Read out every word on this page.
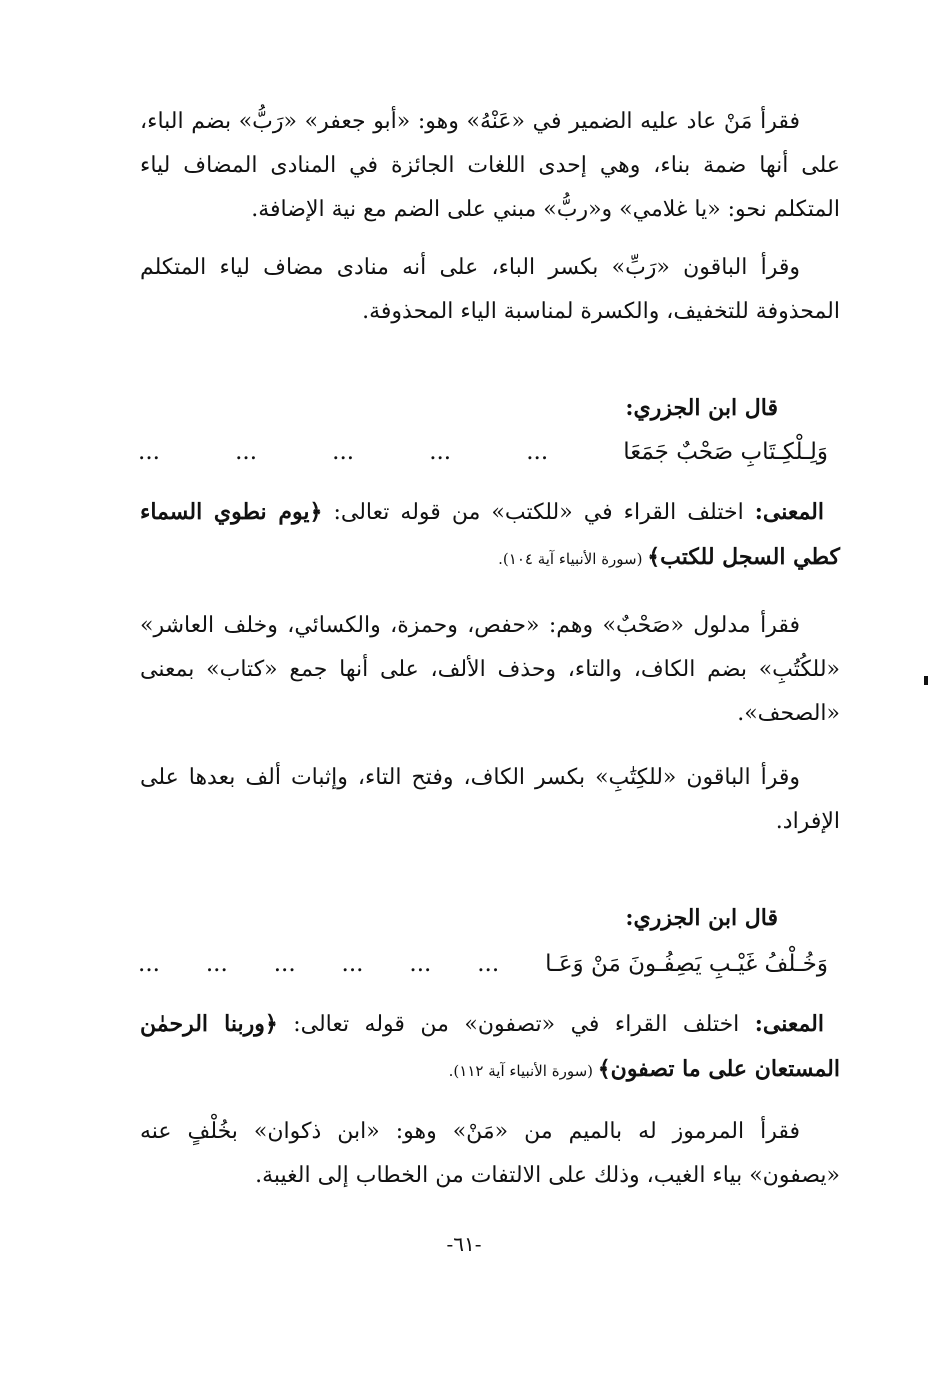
فقرأ مَنْ عاد عليه الضمير في «عَنْهُ» وهو: «أبو جعفر» «رَبُّ» بضم الباء، على أنها ضمة بناء، وهي إحدى اللغات الجائزة في المنادى المضاف لياء المتكلم نحو: «يا غلامي» و«ربُّ» مبني على الضم مع نية الإضافة.

وقرأ الباقون «رَبِّ» بكسر الباء، على أنه منادى مضاف لياء المتكلم المحذوفة للتخفيف، والكسرة لمناسبة الياء المحذوفة.

قال ابن الجزري:
وَلِـلْكِـتَابِ صَحْبٌ جَمَعَا
...
...
...
...
...

المعنى: اختلف القراء في «للكتب» من قوله تعالى: ﴿يوم نطوي السماء كطي السجل للكتب﴾ (سورة الأنبياء آية ١٠٤).

فقرأ مدلول «صَحْبٌ» وهم: «حفص، وحمزة، والكسائي، وخلف العاشر» «للكُتُبِ» بضم الكاف، والتاء، وحذف الألف، على أنها جمع «كتاب» بمعنى «الصحف».

وقرأ الباقون «للكِتَٰبِ» بكسر الكاف، وفتح التاء، وإثبات ألف بعدها على الإفراد.

قال ابن الجزري:
وَخُـلْفُ غَيْـبِ يَصِفُـونَ مَنْ وَعَـا
...
...
...
...
...
...

المعنى: اختلف القراء في «تصفون» من قوله تعالى: ﴿وربنا الرحمٰن المستعان على ما تصفون﴾ (سورة الأنبياء آية ١١٢).

فقرأ المرموز له بالميم من «مَنْ» وهو: «ابن ذكوان» بخُلْفٍ عنه «يصفون» بياء الغيب، وذلك على الالتفات من الخطاب إلى الغيبة.

-٦١-
